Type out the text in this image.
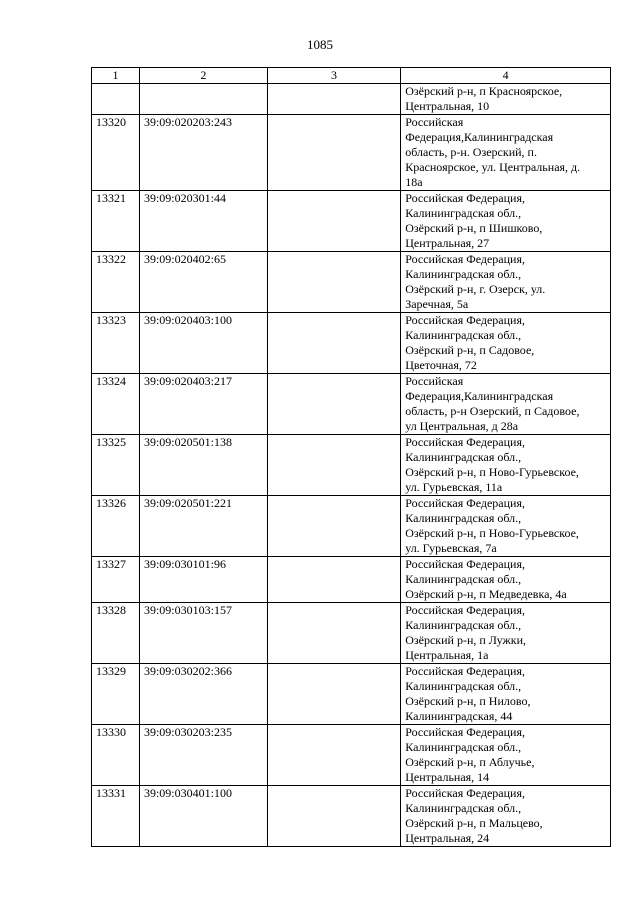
1085
1	2	3	4

			Озёрский р-н, п Красноярское,
Центральная, 10

13320	39:09:020203:243		Российская
Федерация,Калининградская
область, р-н. Озерский, п.
Красноярское, ул. Центральная, д.
18а

13321	39:09:020301:44		Российская Федерация,
Калининградская обл.,
Озёрский р-н, п Шишково,
Центральная, 27

13322	39:09:020402:65		Российская Федерация,
Калининградская обл.,
Озёрский р-н, г. Озерск, ул.
Заречная, 5а

13323	39:09:020403:100		Российская Федерация,
Калининградская обл.,
Озёрский р-н, п Садовое,
Цветочная, 72

13324	39:09:020403:217		Российская
Федерация,Калининградская
область, р-н Озерский, п Садовое,
ул Центральная, д 28а

13325	39:09:020501:138		Российская Федерация,
Калининградская обл.,
Озёрский р-н, п Ново-Гурьевское,
ул. Гурьевская, 11а

13326	39:09:020501:221		Российская Федерация,
Калининградская обл.,
Озёрский р-н, п Ново-Гурьевское,
ул. Гурьевская, 7а

13327	39:09:030101:96		Российская Федерация,
Калининградская обл.,
Озёрский р-н, п Медведевка, 4а

13328	39:09:030103:157		Российская Федерация,
Калининградская обл.,
Озёрский р-н, п Лужки,
Центральная, 1а

13329	39:09:030202:366		Российская Федерация,
Калининградская обл.,
Озёрский р-н, п Нилово,
Калининградская, 44

13330	39:09:030203:235		Российская Федерация,
Калининградская обл.,
Озёрский р-н, п Аблучье,
Центральная, 14

13331	39:09:030401:100		Российская Федерация,
Калининградская обл.,
Озёрский р-н, п Мальцево,
Центральная, 24
